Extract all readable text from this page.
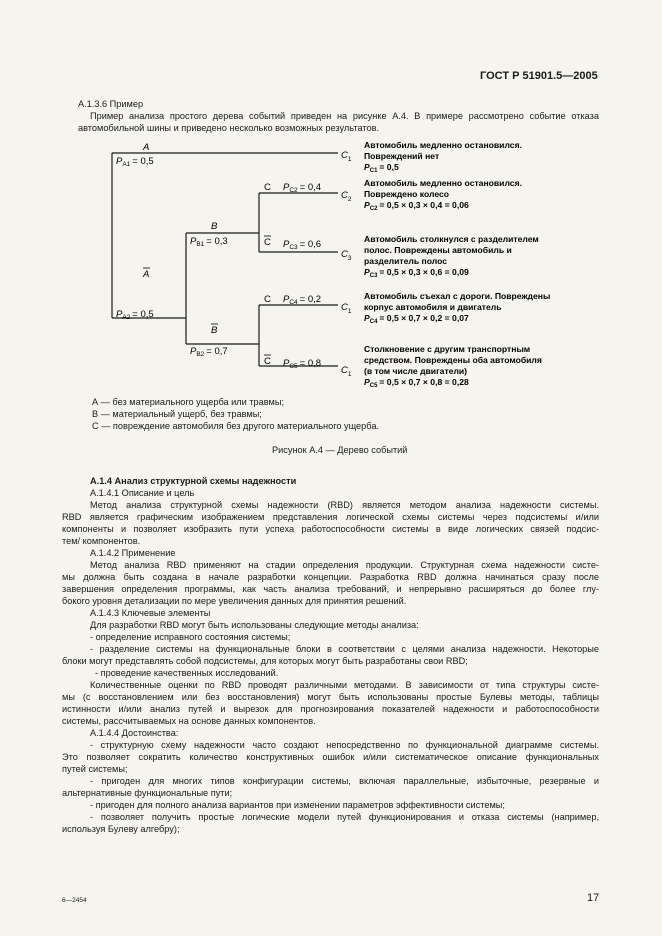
ГОСТ Р 51901.5—2005
А.1.3.6 Пример
Пример анализа простого дерева событий приведен на рисунке А.4. В примере рассмотрено событие отказа
автомобильной шины и приведено несколько возможных результатов.
A
$P_{A1} = 0,5$
A
$P_{A2} = 0,5$
B
$P_{B1} = 0,3$
B
$P_{B2} = 0,7$
C $P_{C2} = 0,4$
C $P_{C3} = 0,6$
C $P_{C4} = 0,2$
C $P_{C5} = 0,8$
$C_1$
$C_2$
$C_3$
$C_1$
$C_1$
Автомобиль медленно остановился.
Повреждений нет
$P_{C1} = 0,5$
Автомобиль медленно остановился.
Повреждено колесо
$P_{C2} = 0,5 \times 0,3 \times 0,4 = 0,06$
Автомобиль столкнулся с разделителем
полос. Повреждены автомобиль и
разделитель полос
$P_{C3} = 0,5 \times 0,3 \times 0,6 = 0,09$
Автомобиль съехал с дороги. Повреждены
корпус автомобиля и двигатель
$P_{C4} = 0,5 \times 0,7 \times 0,2 = 0,07$
Столкновение с другим транспортным
средством. Повреждены оба автомобиля
(в том числе двигатели)
$P_{C5} = 0,5 \times 0,7 \times 0,8 = 0,28$
А — без материального ущерба или травмы;
В — материальный ущерб, без травмы;
С — повреждение автомобиля без другого материального ущерба.
Рисунок А.4 — Дерево событий
А.1.4 Анализ структурной схемы надежности
А.1.4.1 Описание и цель
Метод анализа структурной схемы надежности (RBD) является методом анализа надежности системы.
RBD является графическим изображением представления логической схемы системы через подсистемы и/или
компоненты и позволяет изобразить пути успеха работоспособности системы в виде логических связей подсис-
тем/ компонентов.
А.1.4.2 Применение
Метод анализа RBD применяют на стадии определения продукции. Структурная схема надежности систе-
мы должна быть создана в начале разработки концепции. Разработка RBD должна начинаться сразу после
завершения определения программы, как часть анализа требований, и непрерывно расширяться до более глу-
бокого уровня детализации по мере увеличения данных для принятия решений.
А.1.4.3 Ключевые элементы
Для разработки RBD могут быть использованы следующие методы анализа:
- определение исправного состояния системы;
- разделение системы на функциональные блоки в соответствии с целями анализа надежности. Некоторые
блоки могут представлять собой подсистемы, для которых могут быть разработаны свои RBD;
- проведение качественных исследований.
Количественные оценки по RBD проводят различными методами. В зависимости от типа структуры систе-
мы (с восстановлением или без восстановления) могут быть использованы простые Булевы методы, таблицы
истинности и/или анализ путей и вырезок для прогнозирования показателей надежности и работоспособности
системы, рассчитываемых на основе данных компонентов.
А.1.4.4 Достоинства:
- структурную схему надежности часто создают непосредственно по функциональной диаграмме системы.
Это позволяет сократить количество конструктивных ошибок и/или систематическое описание функциональных
путей системы;
- пригоден для многих типов конфигурации системы, включая параллельные, избыточные, резервные и
альтернативные функциональные пути;
- пригоден для полного анализа вариантов при изменении параметров эффективности системы;
- позволяет получить простые логические модели путей функционирования и отказа системы (например,
используя Булеву алгебру);
6—2454	17
